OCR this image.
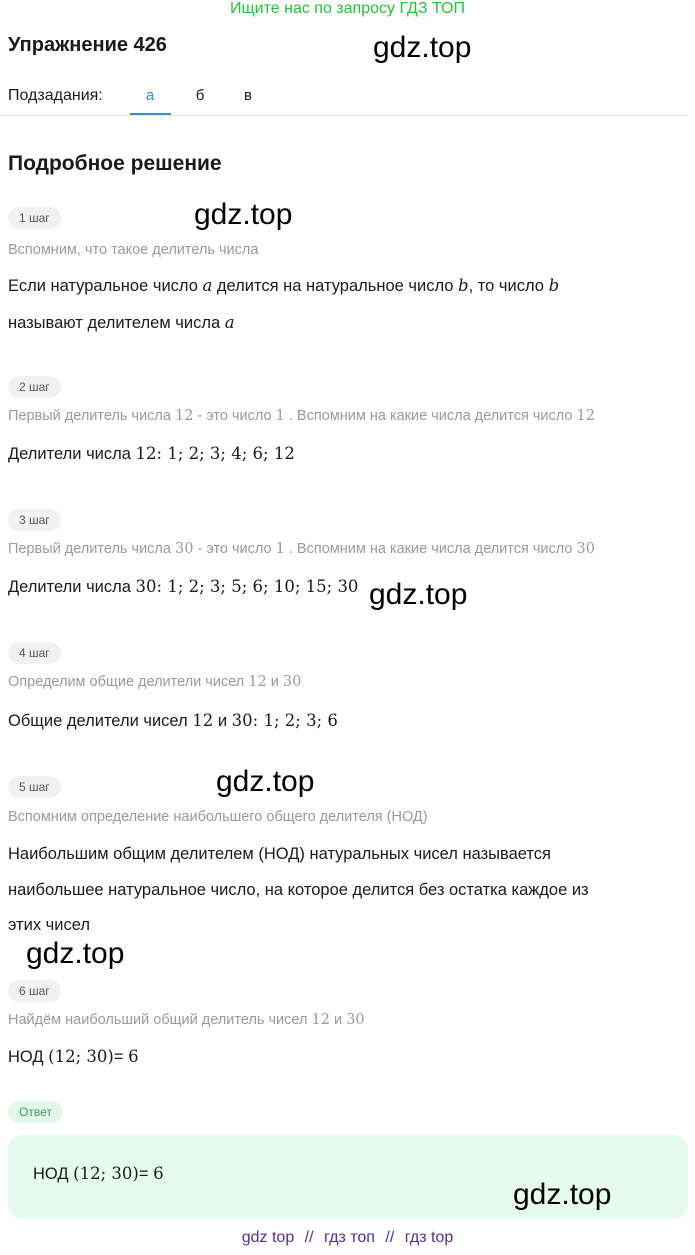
Ищите нас по запросу ГДЗ ТОП
Упражнение 426	gdz.top
Подзадания:	а	б	в
Подробное решение
1 шаг	gdz.top
Вспомним, что такое делитель числа
Если натуральное число a делится на натуральное число b, то число b
называют делителем числа a
2 шаг
Первый делитель числа 12 - это число 1 . Вспомним на какие числа делится число 12
Делители числа 12: 1; 2; 3; 4; 6; 12
3 шаг
Первый делитель числа 30 - это число 1 . Вспомним на какие числа делится число 30
Делители числа 30: 1; 2; 3; 5; 6; 10; 15; 30 gdz.top
4 шаг
Определим общие делители чисел 12 и 30
Общие делители чисел 12 и 30: 1; 2; 3; 6
5 шаг	gdz.top
Вспомним определение наибольшего общего делителя (НОД)
Наибольшим общим делителем (НОД) натуральных чисел называется
наибольшее натуральное число, на которое делится без остатка каждое из
этих чисел
gdz.top
6 шаг
Найдём наибольший общий делитель чисел 12 и 30
НОД (12; 30)= 6
Ответ
НОД (12; 30)= 6
gdz.top
gdz top // гдз топ // гдз top
